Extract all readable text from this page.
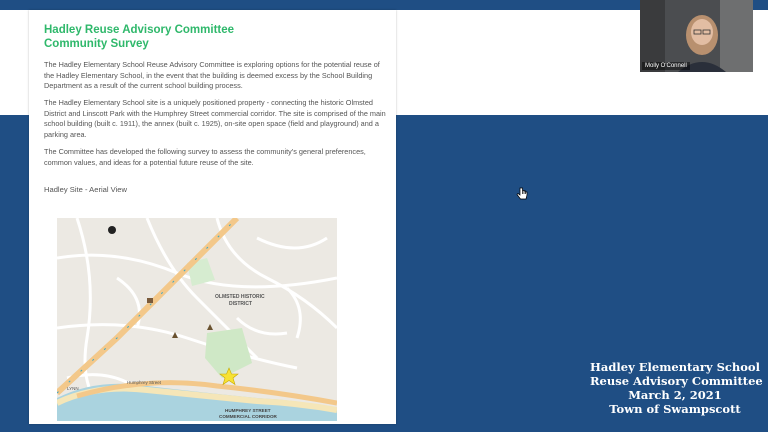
Hadley Reuse Advisory Committee
Community Survey
The Hadley Elementary School Reuse Advisory Committee is exploring options for the potential reuse of the Hadley Elementary School, in the event that the building is deemed excess by the School Building Department as a result of the current school building process.
The Hadley Elementary School site is a uniquely positioned property - connecting the historic Olmsted District and Linscott Park with the Humphrey Street commercial corridor. The site is comprised of the main school building (built c. 1911), the annex (built c. 1925), on-site open space (field and playground) and a parking area.
The Committee has developed the following survey to assess the community's general preferences, common values, and ideas for a potential future reuse of the site.
Hadley Site - Aerial View
OLMSTED HISTORIC
DISTRICT
HUMPHREY STREET
COMMERCIAL CORRIDOR
Humphrey Street
LYNN
Molly O'Connell
Hadley Elementary School
Reuse Advisory Committee
March 2, 2021
Town of Swampscott
